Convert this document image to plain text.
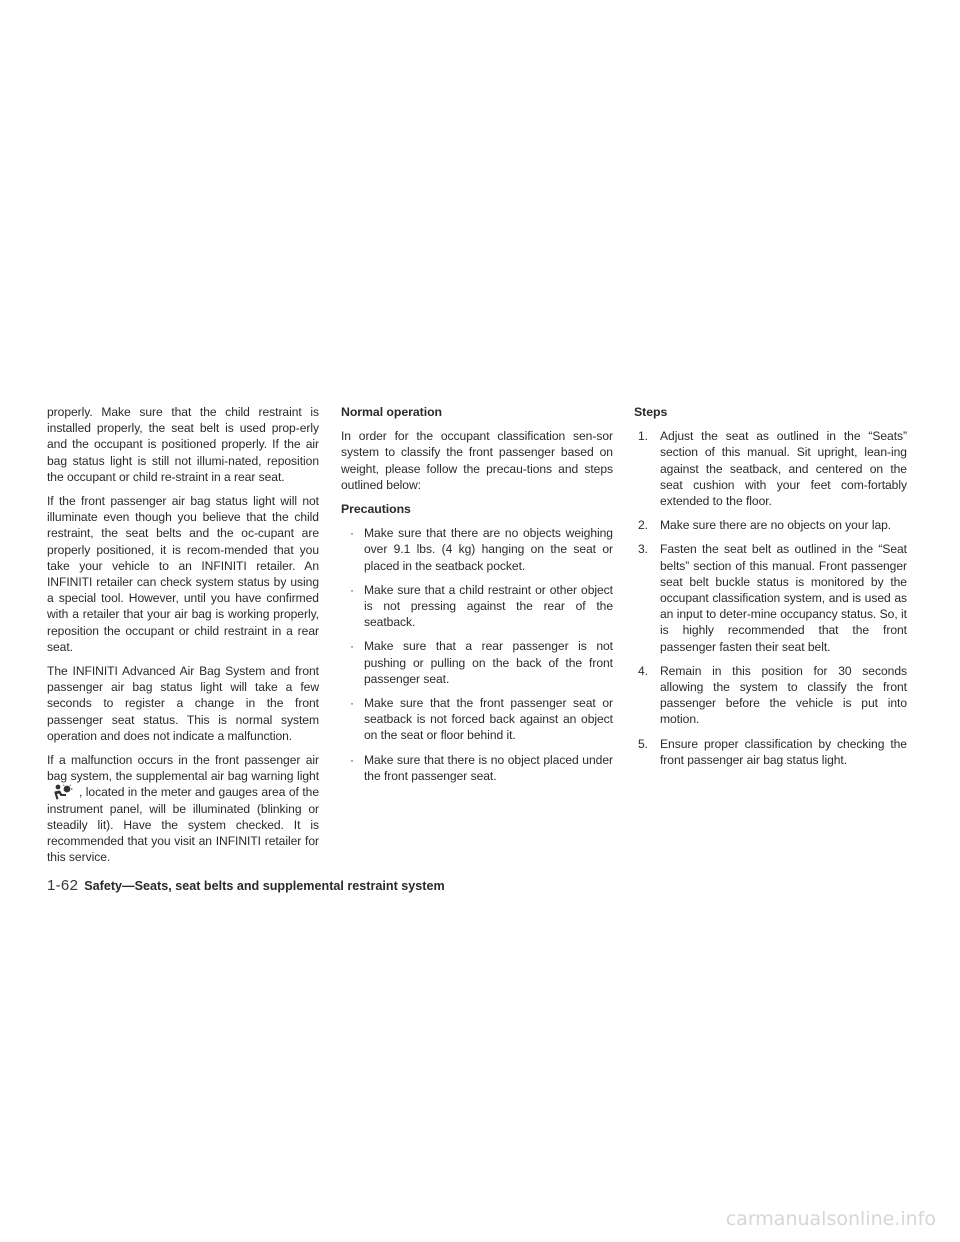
properly. Make sure that the child restraint is installed properly, the seat belt is used prop-erly and the occupant is positioned properly. If the air bag status light is still not illumi-nated, reposition the occupant or child re-straint in a rear seat.

If the front passenger air bag status light will not illuminate even though you believe that the child restraint, the seat belts and the oc-cupant are properly positioned, it is recom-mended that you take your vehicle to an INFINITI retailer. An INFINITI retailer can check system status by using a special tool. However, until you have confirmed with a retailer that your air bag is working properly, reposition the occupant or child restraint in a rear seat.

The INFINITI Advanced Air Bag System and front passenger air bag status light will take a few seconds to register a change in the front passenger seat status. This is normal system operation and does not indicate a malfunction.

If a malfunction occurs in the front passenger air bag system, the supplemental air bag warning light, located in the meter and gauges area of the instrument panel, will be illuminated (blinking or steadily lit). Have the system checked. It is recommended that you visit an INFINITI retailer for this service.

Normal operation

In order for the occupant classification sen-sor system to classify the front passenger based on weight, please follow the precau-tions and steps outlined below:

Precautions
· Make sure that there are no objects weighing over 9.1 lbs. (4 kg) hanging on the seat or placed in the seatback pocket.
· Make sure that a child restraint or other object is not pressing against the rear of the seatback.
· Make sure that a rear passenger is not pushing or pulling on the back of the front passenger seat.
· Make sure that the front passenger seat or seatback is not forced back against an object on the seat or floor behind it.
· Make sure that there is no object placed under the front passenger seat.
Steps
1. Adjust the seat as outlined in the “Seats” section of this manual. Sit upright, lean-ing against the seatback, and centered on the seat cushion with your feet com-fortably extended to the floor.
2. Make sure there are no objects on your lap.
3. Fasten the seat belt as outlined in the “Seat belts” section of this manual. Front passenger seat belt buckle status is monitored by the occupant classification system, and is used as an input to deter-mine occupancy status. So, it is highly recommended that the front passenger fasten their seat belt.
4. Remain in this position for 30 seconds allowing the system to classify the front passenger before the vehicle is put into motion.
5. Ensure proper classification by checking the front passenger air bag status light.
1-62 Safety—Seats, seat belts and supplemental restraint system
carmanualsonline.info
